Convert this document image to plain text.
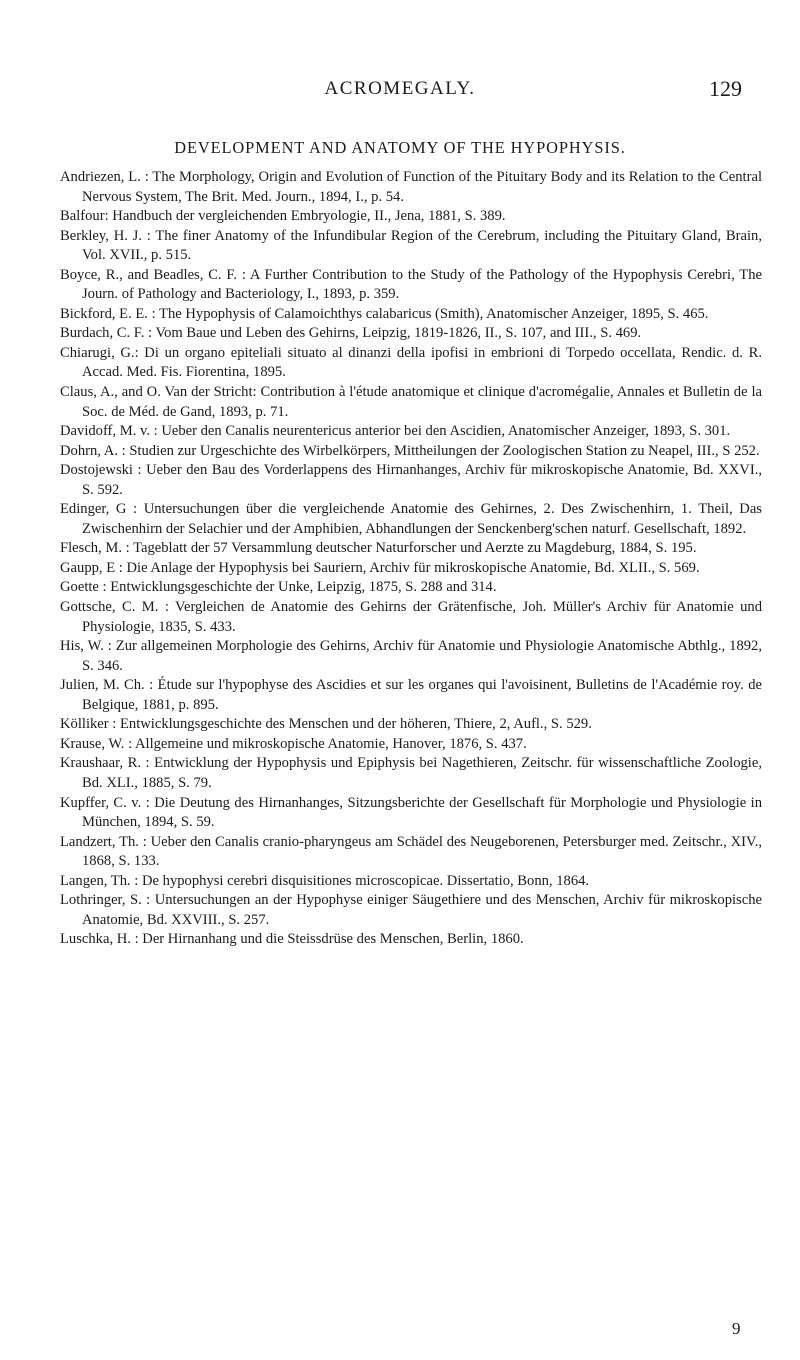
ACROMEGALY.	129
DEVELOPMENT AND ANATOMY OF THE HYPOPHYSIS.
Andriezen, L. : The Morphology, Origin and Evolution of Function of the Pituitary Body and its Relation to the Central Nervous System, The Brit. Med. Journ., 1894, I., p. 54.
Balfour: Handbuch der vergleichenden Embryologie, II., Jena, 1881, S. 389.
Berkley, H. J. : The finer Anatomy of the Infundibular Region of the Cerebrum, including the Pituitary Gland, Brain, Vol. XVII., p. 515.
Boyce, R., and Beadles, C. F. : A Further Contribution to the Study of the Pathology of the Hypophysis Cerebri, The Journ. of Pathology and Bacteriology, I., 1893, p. 359.
Bickford, E. E. : The Hypophysis of Calamoichthys calabaricus (Smith), Anatomischer Anzeiger, 1895, S. 465.
Burdach, C. F. : Vom Baue und Leben des Gehirns, Leipzig, 1819-1826, II., S. 107, and III., S. 469.
Chiarugi, G.: Di un organo epiteliali situato al dinanzi della ipofisi in embrioni di Torpedo occellata, Rendic. d. R. Accad. Med. Fis. Fiorentina, 1895.
Claus, A., and O. Van der Stricht: Contribution à l'étude anatomique et clinique d'acromégalie, Annales et Bulletin de la Soc. de Méd. de Gand, 1893, p. 71.
Davidoff, M. v. : Ueber den Canalis neurentericus anterior bei den Ascidien, Anatomischer Anzeiger, 1893, S. 301.
Dohrn, A. : Studien zur Urgeschichte des Wirbelkörpers, Mittheilungen der Zoologischen Station zu Neapel, III., S 252.
Dostojewski : Ueber den Bau des Vorderlappens des Hirnanhanges, Archiv für mikroskopische Anatomie, Bd. XXVI., S. 592.
Edinger, G : Untersuchungen über die vergleichende Anatomie des Gehirnes, 2. Des Zwischenhirn, 1. Theil, Das Zwischenhirn der Selachier und der Amphibien, Abhandlungen der Senckenberg'schen naturf. Gesellschaft, 1892.
Flesch, M. : Tageblatt der 57 Versammlung deutscher Naturforscher und Aerzte zu Magdeburg, 1884, S. 195.
Gaupp, E : Die Anlage der Hypophysis bei Sauriern, Archiv für mikroskopische Anatomie, Bd. XLII., S. 569.
Goette : Entwicklungsgeschichte der Unke, Leipzig, 1875, S. 288 and 314.
Gottsche, C. M. : Vergleichen de Anatomie des Gehirns der Grätenfische, Joh. Müller's Archiv für Anatomie und Physiologie, 1835, S. 433.
His, W. : Zur allgemeinen Morphologie des Gehirns, Archiv für Anatomie und Physiologie Anatomische Abthlg., 1892, S. 346.
Julien, M. Ch. : Étude sur l'hypophyse des Ascidies et sur les organes qui l'avoisinent, Bulletins de l'Académie roy. de Belgique, 1881, p. 895.
Kölliker : Entwicklungsgeschichte des Menschen und der höheren, Thiere, 2, Aufl., S. 529.
Krause, W. : Allgemeine und mikroskopische Anatomie, Hanover, 1876, S. 437.
Kraushaar, R. : Entwicklung der Hypophysis und Epiphysis bei Nagethieren, Zeitschr. für wissenschaftliche Zoologie, Bd. XLI., 1885, S. 79.
Kupffer, C. v. : Die Deutung des Hirnanhanges, Sitzungsberichte der Gesellschaft für Morphologie und Physiologie in München, 1894, S. 59.
Landzert, Th. : Ueber den Canalis cranio-pharyngeus am Schädel des Neugeborenen, Petersburger med. Zeitschr., XIV., 1868, S. 133.
Langen, Th. : De hypophysi cerebri disquisitiones microscopicae. Dissertatio, Bonn, 1864.
Lothringer, S. : Untersuchungen an der Hypophyse einiger Säugethiere und des Menschen, Archiv für mikroskopische Anatomie, Bd. XXVIII., S. 257.
Luschka, H. : Der Hirnanhang und die Steissdrüse des Menschen, Berlin, 1860.
9
